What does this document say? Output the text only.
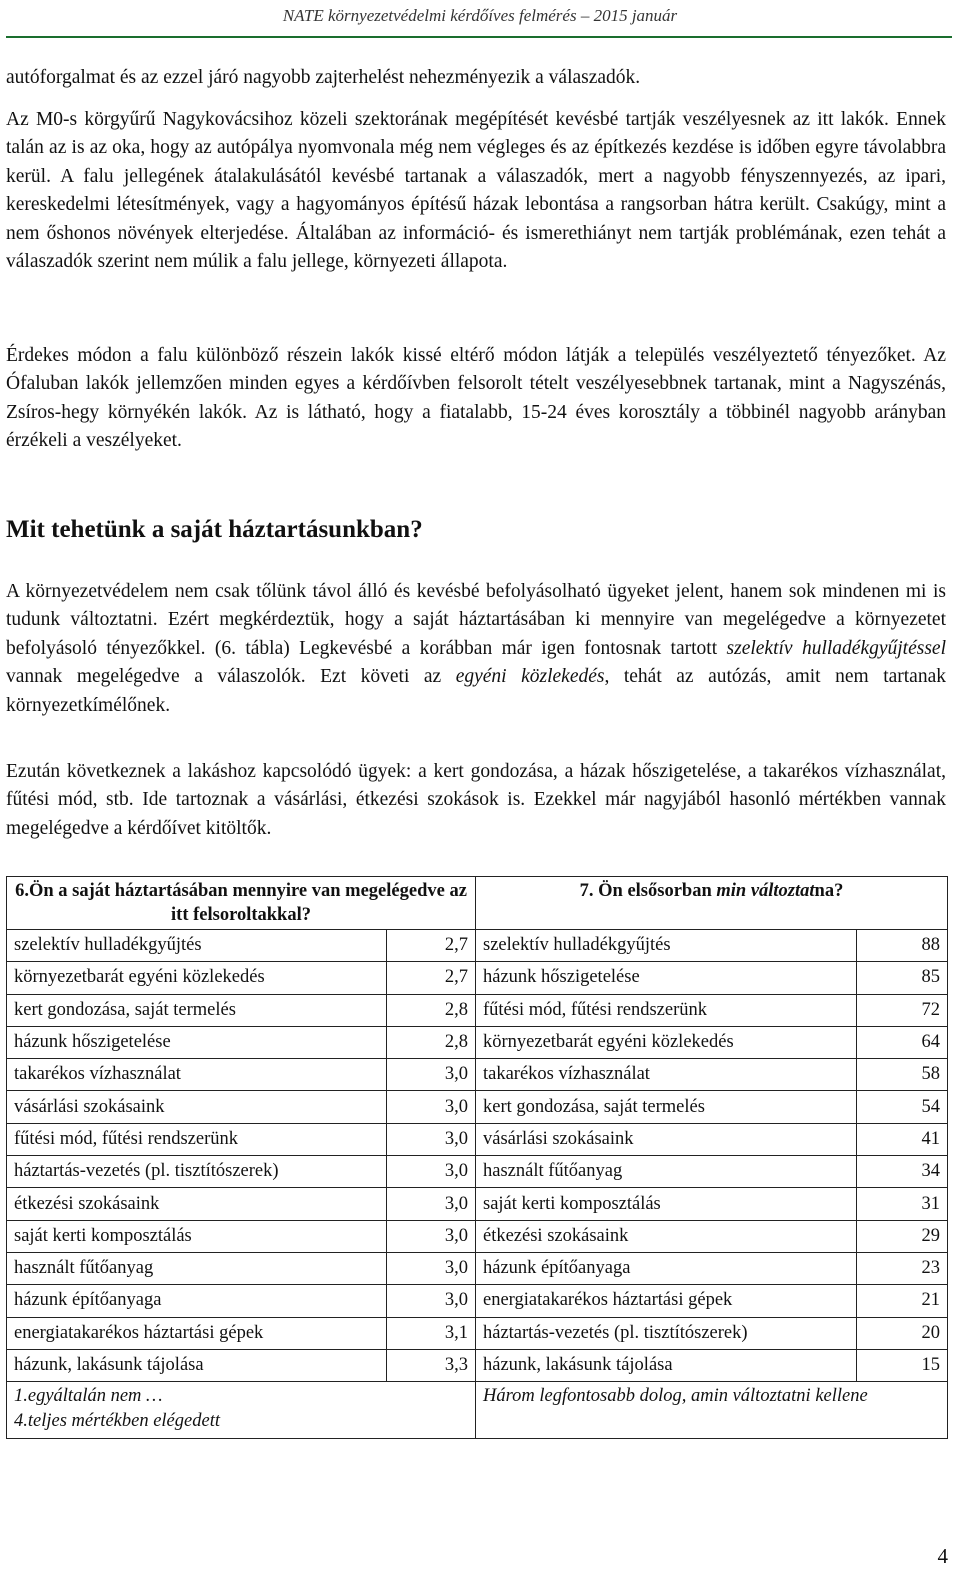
NATE környezetvédelmi kérdőíves felmérés – 2015 január

autóforgalmat és az ezzel járó nagyobb zajterhelést nehezményezik a válaszadók.

Az M0-s körgyűrű Nagykovácsihoz közeli szektorának megépítését kevésbé tartják veszélyesnek az itt lakók. Ennek talán az is az oka, hogy az autópálya nyomvonala még nem végleges és az építkezés kezdése is időben egyre távolabbra kerül. A falu jellegének átalakulásától kevésbé tartanak a válaszadók, mert a nagyobb fényszennyezés, az ipari, kereskedelmi létesítmények, vagy a hagyományos építésű házak lebontása a rangsorban hátra került. Csakúgy, mint a nem őshonos növények elterjedése. Általában az információ- és ismerethiányt nem tartják problémának, ezen tehát a válaszadók szerint nem múlik a falu jellege, környezeti állapota.

Érdekes módon a falu különböző részein lakók kissé eltérő módon látják a település veszélyeztető tényezőket. Az Ófaluban lakók jellemzően minden egyes a kérdőívben felsorolt tételt veszélyesebbnek tartanak, mint a Nagyszénás, Zsíros-hegy környékén lakók. Az is látható, hogy a fiatalabb, 15-24 éves korosztály a többinél nagyobb arányban érzékeli a veszélyeket.

Mit tehetünk a saját háztartásunkban?

A környezetvédelem nem csak tőlünk távol álló és kevésbé befolyásolható ügyeket jelent, hanem sok mindenen mi is tudunk változtatni. Ezért megkérdeztük, hogy a saját háztartásában ki mennyire van megelégedve a környezetet befolyásoló tényezőkkel. (6. tábla) Legkevésbé a korábban már igen fontosnak tartott szelektív hulladékgyűjtéssel vannak megelégedve a válaszolók. Ezt követi az egyéni közlekedés, tehát az autózás, amit nem tartanak környezetkímélőnek.

Ezután következnek a lakáshoz kapcsolódó ügyek: a kert gondozása, a házak hőszigetelése, a takarékos vízhasználat, fűtési mód, stb. Ide tartoznak a vásárlási, étkezési szokások is. Ezekkel már nagyjából hasonló mértékben vannak megelégedve a kérdőívet kitöltők.

6.Ön a saját háztartásában mennyire van megelégedve az itt felsoroltakkal?		7. Ön elsősorban min változtatna?	
szelektív hulladékgyűjtés	2,7	szelektív hulladékgyűjtés	88
környezetbarát egyéni közlekedés	2,7	házunk hőszigetelése	85
kert gondozása, saját termelés	2,8	fűtési mód, fűtési rendszerünk	72
házunk hőszigetelése	2,8	környezetbarát egyéni közlekedés	64
takarékos vízhasználat	3,0	takarékos vízhasználat	58
vásárlási szokásaink	3,0	kert gondozása, saját termelés	54
fűtési mód, fűtési rendszerünk	3,0	vásárlási szokásaink	41
háztartás-vezetés (pl. tisztítószerek)	3,0	használt fűtőanyag	34
étkezési szokásaink	3,0	saját kerti komposztálás	31
saját kerti komposztálás	3,0	étkezési szokásaink	29
használt fűtőanyag	3,0	házunk építőanyaga	23
házunk építőanyaga	3,0	energiatakarékos háztartási gépek	21
energiatakarékos háztartási gépek	3,1	háztartás-vezetés (pl. tisztítószerek)	20
házunk, lakásunk tájolása	3,3	házunk, lakásunk tájolása	15

1.egyáltalán nem …
4.teljes mértékben elégedett		Három legfontosabb dolog, amin változtatni kellene	
4
